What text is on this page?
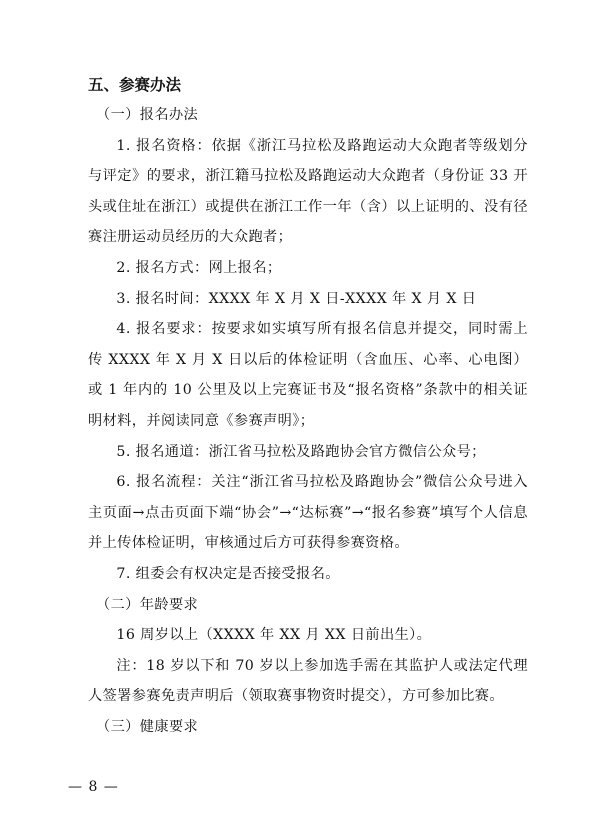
五、参赛办法

（一）报名办法

1. 报名资格：依据《浙江马拉松及路跑运动大众跑者等级划分与评定》的要求，浙江籍马拉松及路跑运动大众跑者（身份证 33 开头或住址在浙江）或提供在浙江工作一年（含）以上证明的、没有径赛注册运动员经历的大众跑者；

2. 报名方式：网上报名；

3. 报名时间：XXXX 年 X 月 X 日-XXXX 年 X 月 X 日

4. 报名要求：按要求如实填写所有报名信息并提交，同时需上传 XXXX 年 X 月 X 日以后的体检证明（含血压、心率、心电图）或 1 年内的 10 公里及以上完赛证书及“报名资格”条款中的相关证明材料，并阅读同意《参赛声明》；

5. 报名通道：浙江省马拉松及路跑协会官方微信公众号；

6. 报名流程：关注“浙江省马拉松及路跑协会”微信公众号进入主页面→点击页面下端“协会”→“达标赛”→“报名参赛”填写个人信息并上传体检证明，审核通过后方可获得参赛资格。

7. 组委会有权决定是否接受报名。

（二）年龄要求

16 周岁以上（XXXX 年 XX 月 XX 日前出生）。

注：18 岁以下和 70 岁以上参加选手需在其监护人或法定代理人签署参赛免责声明后（领取赛事物资时提交），方可参加比赛。

（三）健康要求

— 8 —
